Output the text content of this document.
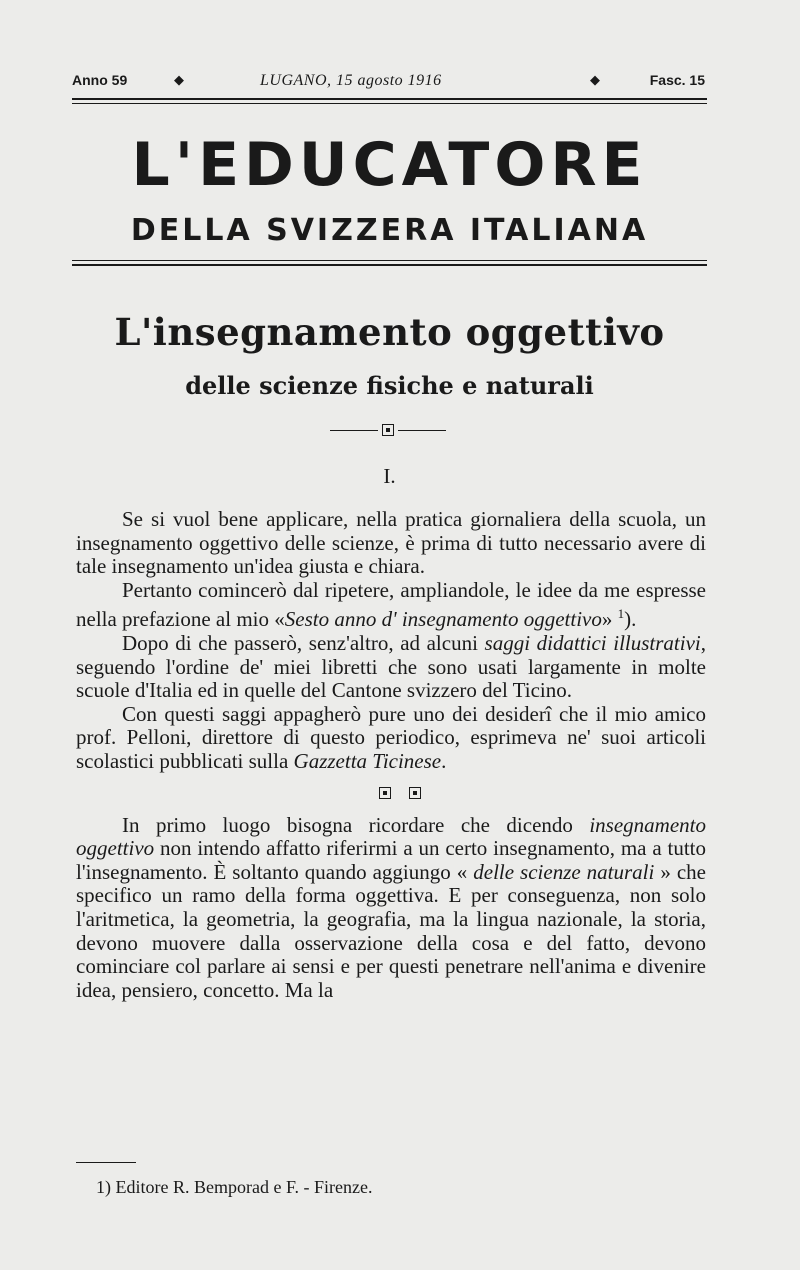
Anno 59	◆	LUGANO, 15 agosto 1916	◆	Fasc. 15
L'EDUCATORE
DELLA SVIZZERA ITALIANA
L'insegnamento oggettivo
delle scienze fisiche e naturali
I.

Se si vuol bene applicare, nella pratica giornaliera della scuola, un insegnamento oggettivo delle scienze, è prima di tutto necessario avere di tale insegnamento un'idea giusta e chiara.

Pertanto comincerò dal ripetere, ampliandole, le idee da me espresse nella prefazione al mio «Sesto anno d' insegnamento oggettivo» $^1$).

Dopo di che passerò, senz'altro, ad alcuni saggi didattici illustrativi, seguendo l'ordine de' miei libretti che sono usati largamente in molte scuole d'Italia ed in quelle del Cantone svizzero del Ticino.

Con questi saggi appagherò pure uno dei desiderî che il mio amico prof. Pelloni, direttore di questo periodico, esprimeva ne' suoi articoli scolastici pubblicati sulla Gazzetta Ticinese.

In primo luogo bisogna ricordare che dicendo insegnamento oggettivo non intendo affatto riferirmi a un certo insegnamento, ma a tutto l'insegnamento. È soltanto quando aggiungo « delle scienze naturali » che specifico un ramo della forma oggettiva. E per conseguenza, non solo l'aritmetica, la geometria, la geografia, ma la lingua nazionale, la storia, devono muovere dalla osservazione della cosa e del fatto, devono cominciare col parlare ai sensi e per questi penetrare nell'anima e divenire idea, pensiero, concetto. Ma la

1) Editore R. Bemporad e F. - Firenze.
